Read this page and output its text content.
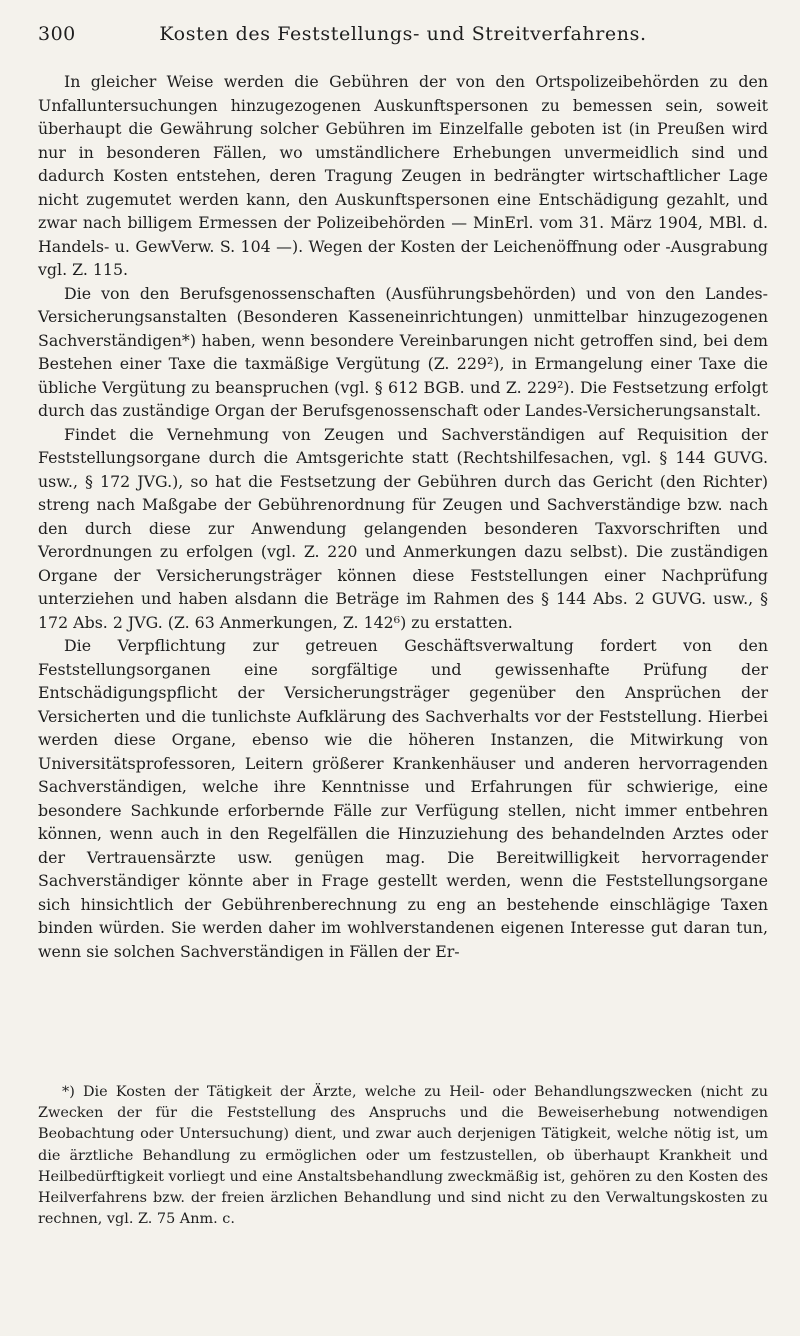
300	Kosten des Feststellungs- und Streitverfahrens.

In gleicher Weise werden die Gebühren der von den Ortspolizeibehörden zu den Unfalluntersuchungen hinzugezogenen Auskunftspersonen zu bemessen sein, soweit überhaupt die Gewährung solcher Gebühren im Einzelfalle geboten ist (in Preußen wird nur in besonderen Fällen, wo umständlichere Erhebungen unvermeidlich sind und dadurch Kosten entstehen, deren Tragung Zeugen in bedrängter wirtschaftlicher Lage nicht zugemutet werden kann, den Auskunftspersonen eine Entschädigung gezahlt, und zwar nach billigem Ermessen der Polizeibehörden — MinErl. vom 31. März 1904, MBl. d. Handels- u. GewVerw. S. 104 —). Wegen der Kosten der Leichenöffnung oder -Ausgrabung vgl. Z. 115.

Die von den Berufsgenossenschaften (Ausführungsbehörden) und von den Landes-Versicherungsanstalten (Besonderen Kasseneinrichtungen) unmittelbar hinzugezogenen Sachverständigen*) haben, wenn besondere Vereinbarungen nicht getroffen sind, bei dem Bestehen einer Taxe die taxmäßige Vergütung (Z. 229²), in Ermangelung einer Taxe die übliche Vergütung zu beanspruchen (vgl. § 612 BGB. und Z. 229²). Die Festsetzung erfolgt durch das zuständige Organ der Berufsgenossenschaft oder Landes-Versicherungsanstalt.

Findet die Vernehmung von Zeugen und Sachverständigen auf Requisition der Feststellungsorgane durch die Amtsgerichte statt (Rechtshilfesachen, vgl. § 144 GUVG. usw., § 172 JVG.), so hat die Festsetzung der Gebühren durch das Gericht (den Richter) streng nach Maßgabe der Gebührenordnung für Zeugen und Sachverständige bzw. nach den durch diese zur Anwendung gelangenden besonderen Taxvorschriften und Verordnungen zu erfolgen (vgl. Z. 220 und Anmerkungen dazu selbst). Die zuständigen Organe der Versicherungsträger können diese Feststellungen einer Nachprüfung unterziehen und haben alsdann die Beträge im Rahmen des § 144 Abs. 2 GUVG. usw., § 172 Abs. 2 JVG. (Z. 63 Anmerkungen, Z. 142⁶) zu erstatten.

Die Verpflichtung zur getreuen Geschäftsverwaltung fordert von den Feststellungsorganen eine sorgfältige und gewissenhafte Prüfung der Entschädigungspflicht der Versicherungsträger gegenüber den Ansprüchen der Versicherten und die tunlichste Aufklärung des Sachverhalts vor der Feststellung. Hierbei werden diese Organe, ebenso wie die höheren Instanzen, die Mitwirkung von Universitätsprofessoren, Leitern größerer Krankenhäuser und anderen hervorragenden Sachverständigen, welche ihre Kenntnisse und Erfahrungen für schwierige, eine besondere Sachkunde erforbernde Fälle zur Verfügung stellen, nicht immer entbehren können, wenn auch in den Regelfällen die Hinzuziehung des behandelnden Arztes oder der Vertrauensärzte usw. genügen mag. Die Bereitwilligkeit hervorragender Sachverständiger könnte aber in Frage gestellt werden, wenn die Feststellungsorgane sich hinsichtlich der Gebührenberechnung zu eng an bestehende einschlägige Taxen binden würden. Sie werden daher im wohlverstandenen eigenen Interesse gut daran tun, wenn sie solchen Sachverständigen in Fällen der Er-

*) Die Kosten der Tätigkeit der Ärzte, welche zu Heil- oder Behandlungszwecken (nicht zu Zwecken der für die Feststellung des Anspruchs und die Beweiserhebung notwendigen Beobachtung oder Untersuchung) dient, und zwar auch derjenigen Tätigkeit, welche nötig ist, um die ärztliche Behandlung zu ermöglichen oder um festzustellen, ob überhaupt Krankheit und Heilbedürftigkeit vorliegt und eine Anstaltsbehandlung zweckmäßig ist, gehören zu den Kosten des Heilverfahrens bzw. der freien ärzlichen Behandlung und sind nicht zu den Verwaltungskosten zu rechnen, vgl. Z. 75 Anm. c.
